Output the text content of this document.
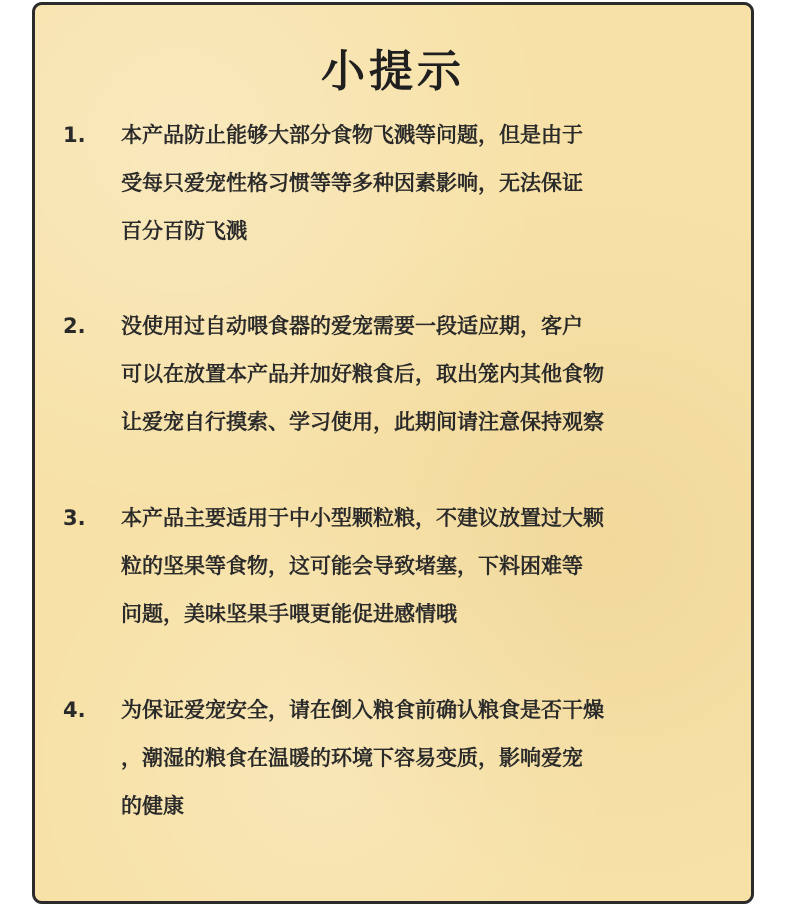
小提示
1. 本产品防止能够大部分食物飞溅等问题，但是由于
受每只爱宠性格习惯等等多种因素影响，无法保证
百分百防飞溅
2. 没使用过自动喂食器的爱宠需要一段适应期，客户
可以在放置本产品并加好粮食后，取出笼内其他食物
让爱宠自行摸索、学习使用，此期间请注意保持观察
3. 本产品主要适用于中小型颗粒粮，不建议放置过大颗
粒的坚果等食物，这可能会导致堵塞，下料困难等
问题，美味坚果手喂更能促进感情哦
4. 为保证爱宠安全，请在倒入粮食前确认粮食是否干燥
，潮湿的粮食在温暖的环境下容易变质，影响爱宠
的健康
